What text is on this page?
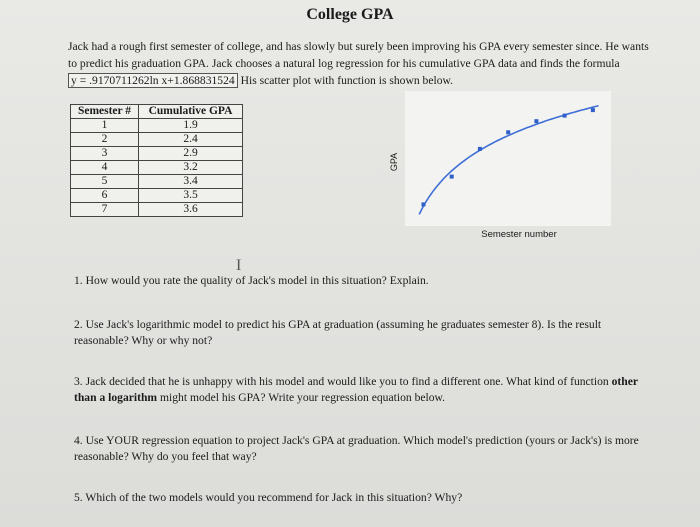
College GPA
Jack had a rough first semester of college, and has slowly but surely been improving his GPA every semester since. He wants to predict his graduation GPA. Jack chooses a natural log regression for his cumulative GPA data and finds the formula y = .9170711262ln x+1.868831524 His scatter plot with function is shown below.
Semester #	Cumulative GPA
1	1.9
2	2.4
3	2.9
4	3.2
5	3.4
6	3.5
7	3.6
GPA
Semester number
I
1. How would you rate the quality of Jack's model in this situation? Explain.
2. Use Jack's logarithmic model to predict his GPA at graduation (assuming he graduates semester 8). Is the result reasonable? Why or why not?
3. Jack decided that he is unhappy with his model and would like you to find a different one. What kind of function other than a logarithm might model his GPA? Write your regression equation below.
4. Use YOUR regression equation to project Jack's GPA at graduation. Which model's prediction (yours or Jack's) is more reasonable? Why do you feel that way?
5. Which of the two models would you recommend for Jack in this situation? Why?
